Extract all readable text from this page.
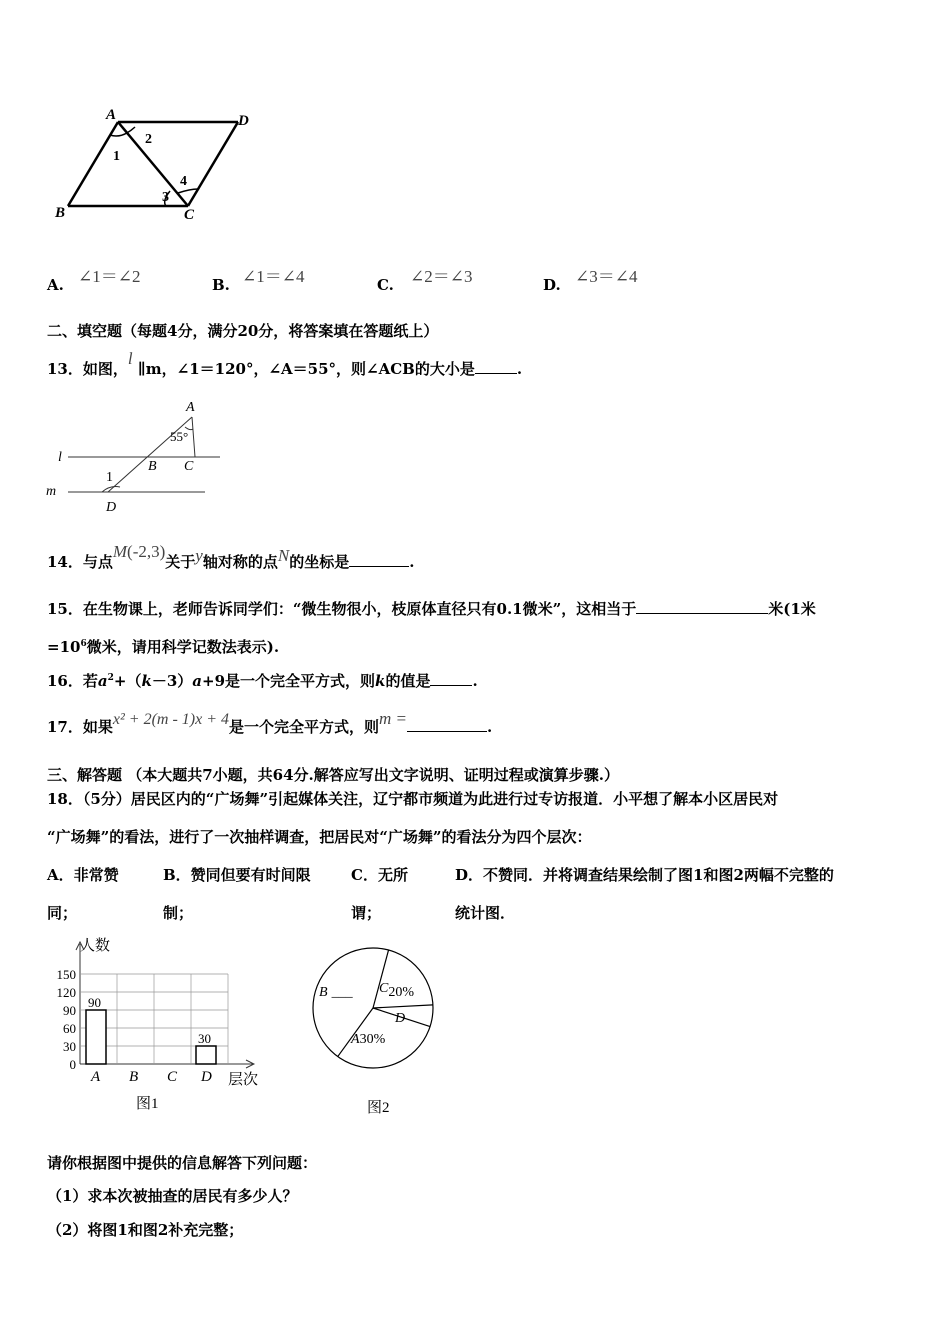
A	D
B	C
1
2
3
4
A. ∠1＝∠2	B. ∠1＝∠4	C. ∠2＝∠3	D. ∠3＝∠4
二、填空题（每题4分，满分20分，将答案填在答题纸上）
13．如图，l ∥m，∠1＝120°，∠A＝55°，则∠ACB的大小是	.
A
55°
B C
l
m
1
D
14．与点M(-2,3)关于y轴对称的点N的坐标是	.
15．在生物课上，老师告诉同学们：“微生物很小，枝原体直径只有0.1微米”，这相当于	米(1米
$=10^6$微米，请用科学记数法表示).
16．若$a^2+(k-3)a+9$是一个完全平方式，则k的值是	.
17．如果x² + 2(m - 1)x + 4是一个完全平方式，则m =	.
三、解答题 （本大题共7小题，共64分.解答应写出文字说明、证明过程或演算步骤.）
18．（5分）居民区内的“广场舞”引起媒体关注，辽宁都市频道为此进行过专访报道．小平想了解本小区居民对
“广场舞”的看法，进行了一次抽样调查，把居民对“广场舞”的看法分为四个层次：
A．非常赞
同；
B．赞同但要有时间限
制；
C．无所
谓；
D．不赞同．并将调查结果绘制了图1和图2两幅不完整的
统计图．
人数
层次
图1
0
30
60
90
120
150
A
90
B C D
30	A30%
B ___ C20%
D
图2
请你根据图中提供的信息解答下列问题：
（1）求本次被抽查的居民有多少人？
（2）将图1和图2补充完整；
